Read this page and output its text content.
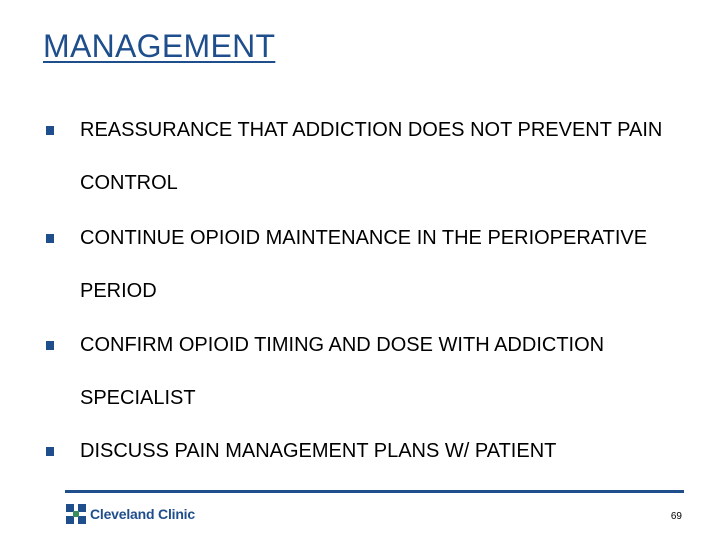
MANAGEMENT
REASSURANCE THAT ADDICTION DOES NOT PREVENT PAIN CONTROL
CONTINUE OPIOID MAINTENANCE IN THE PERIOPERATIVE PERIOD
CONFIRM OPIOID TIMING AND DOSE WITH ADDICTION SPECIALIST
DISCUSS PAIN MANAGEMENT PLANS W/ PATIENT
Cleveland Clinic	69
